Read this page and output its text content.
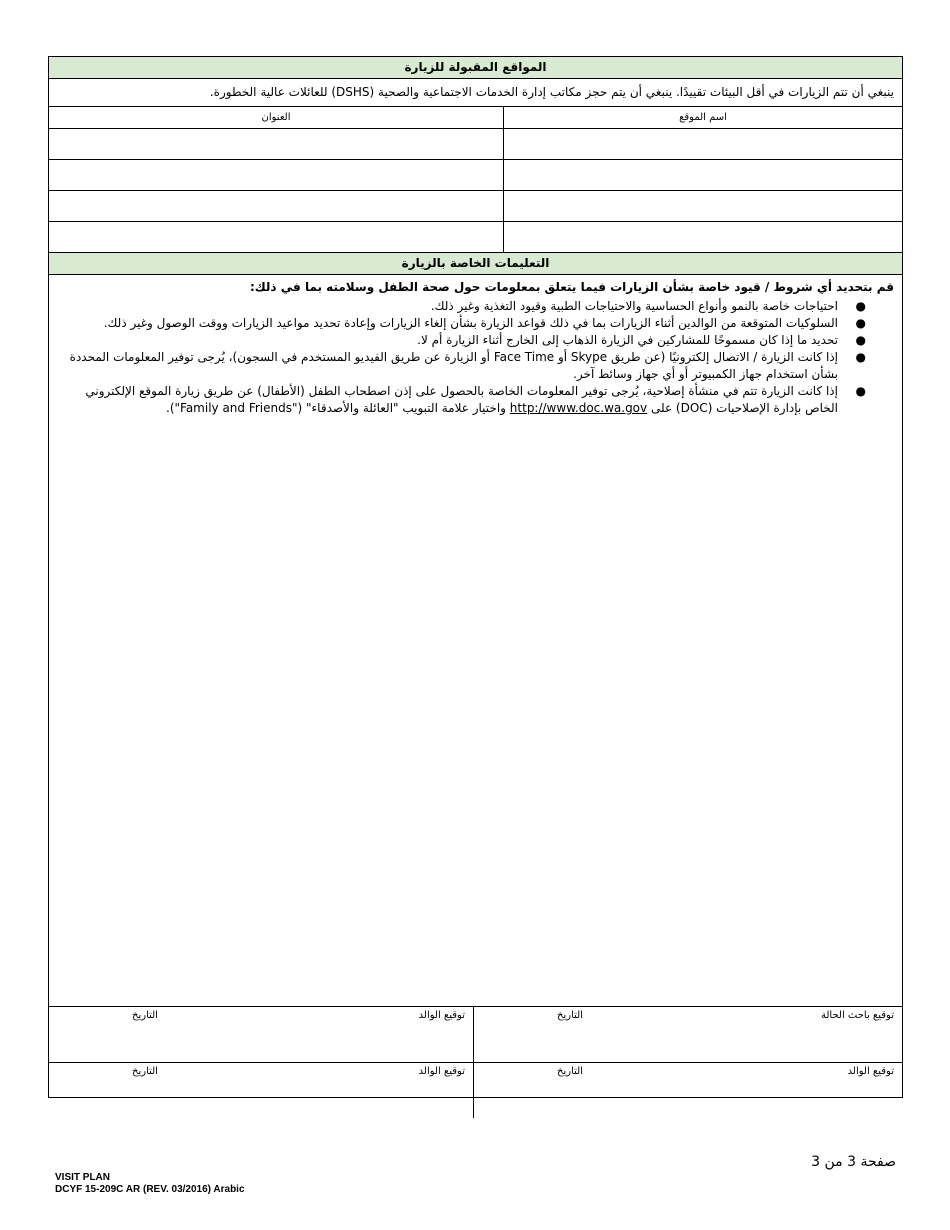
المواقع المقبولة للزيارة
ينبغي أن تتم الزيارات في أقل البيئات تقييدًا. ينبغي أن يتم حجز مكاتب إدارة الخدمات الاجتماعية والصحية (DSHS) للعائلات عالية الخطورة.
اسم الموقع
العنوان
التعليمات الخاصة بالزيارة
قم بتحديد أي شروط / قيود خاصة بشأن الزيارات فيما يتعلق بمعلومات حول صحة الطفل وسلامته بما في ذلك:
●
احتياجات خاصة بالنمو وأنواع الحساسية والاحتياجات الطبية وقيود التغذية وغير ذلك.
●
السلوكيات المتوقعة من الوالدين أثناء الزيارات بما في ذلك قواعد الزيارة بشأن إلغاء الزيارات وإعادة تحديد مواعيد الزيارات ووقت الوصول وغير ذلك.
●
تحديد ما إذا كان مسموحًا للمشاركين في الزيارة الذهاب إلى الخارج أثناء الزيارة أم لا.
●
إذا كانت الزيارة / الاتصال إلكترونيًا (عن طريق Skype أو Face Time أو الزيارة عن طريق الفيديو المستخدم في السجون)، يُرجى توفير المعلومات المحددة بشأن استخدام جهاز الكمبيوتر أو أي جهاز وسائط آخر.
●
إذا كانت الزيارة تتم في منشأة إصلاحية، يُرجى توفير المعلومات الخاصة بالحصول على إذن اصطحاب الطفل (الأطفال) عن طريق زيارة الموقع الإلكتروني الخاص بإدارة الإصلاحيات (DOC) على http://www.doc.wa.gov واختيار علامة التبويب "العائلة والأصدقاء" ("Family and Friends").
توقيع باحث الحالة
التاريخ
توقيع الوالد
التاريخ
توقيع الوالد
التاريخ
توقيع الوالد
التاريخ
صفحة 3 من 3
VISIT PLAN
DCYF 15-209C AR (REV. 03/2016) Arabic
